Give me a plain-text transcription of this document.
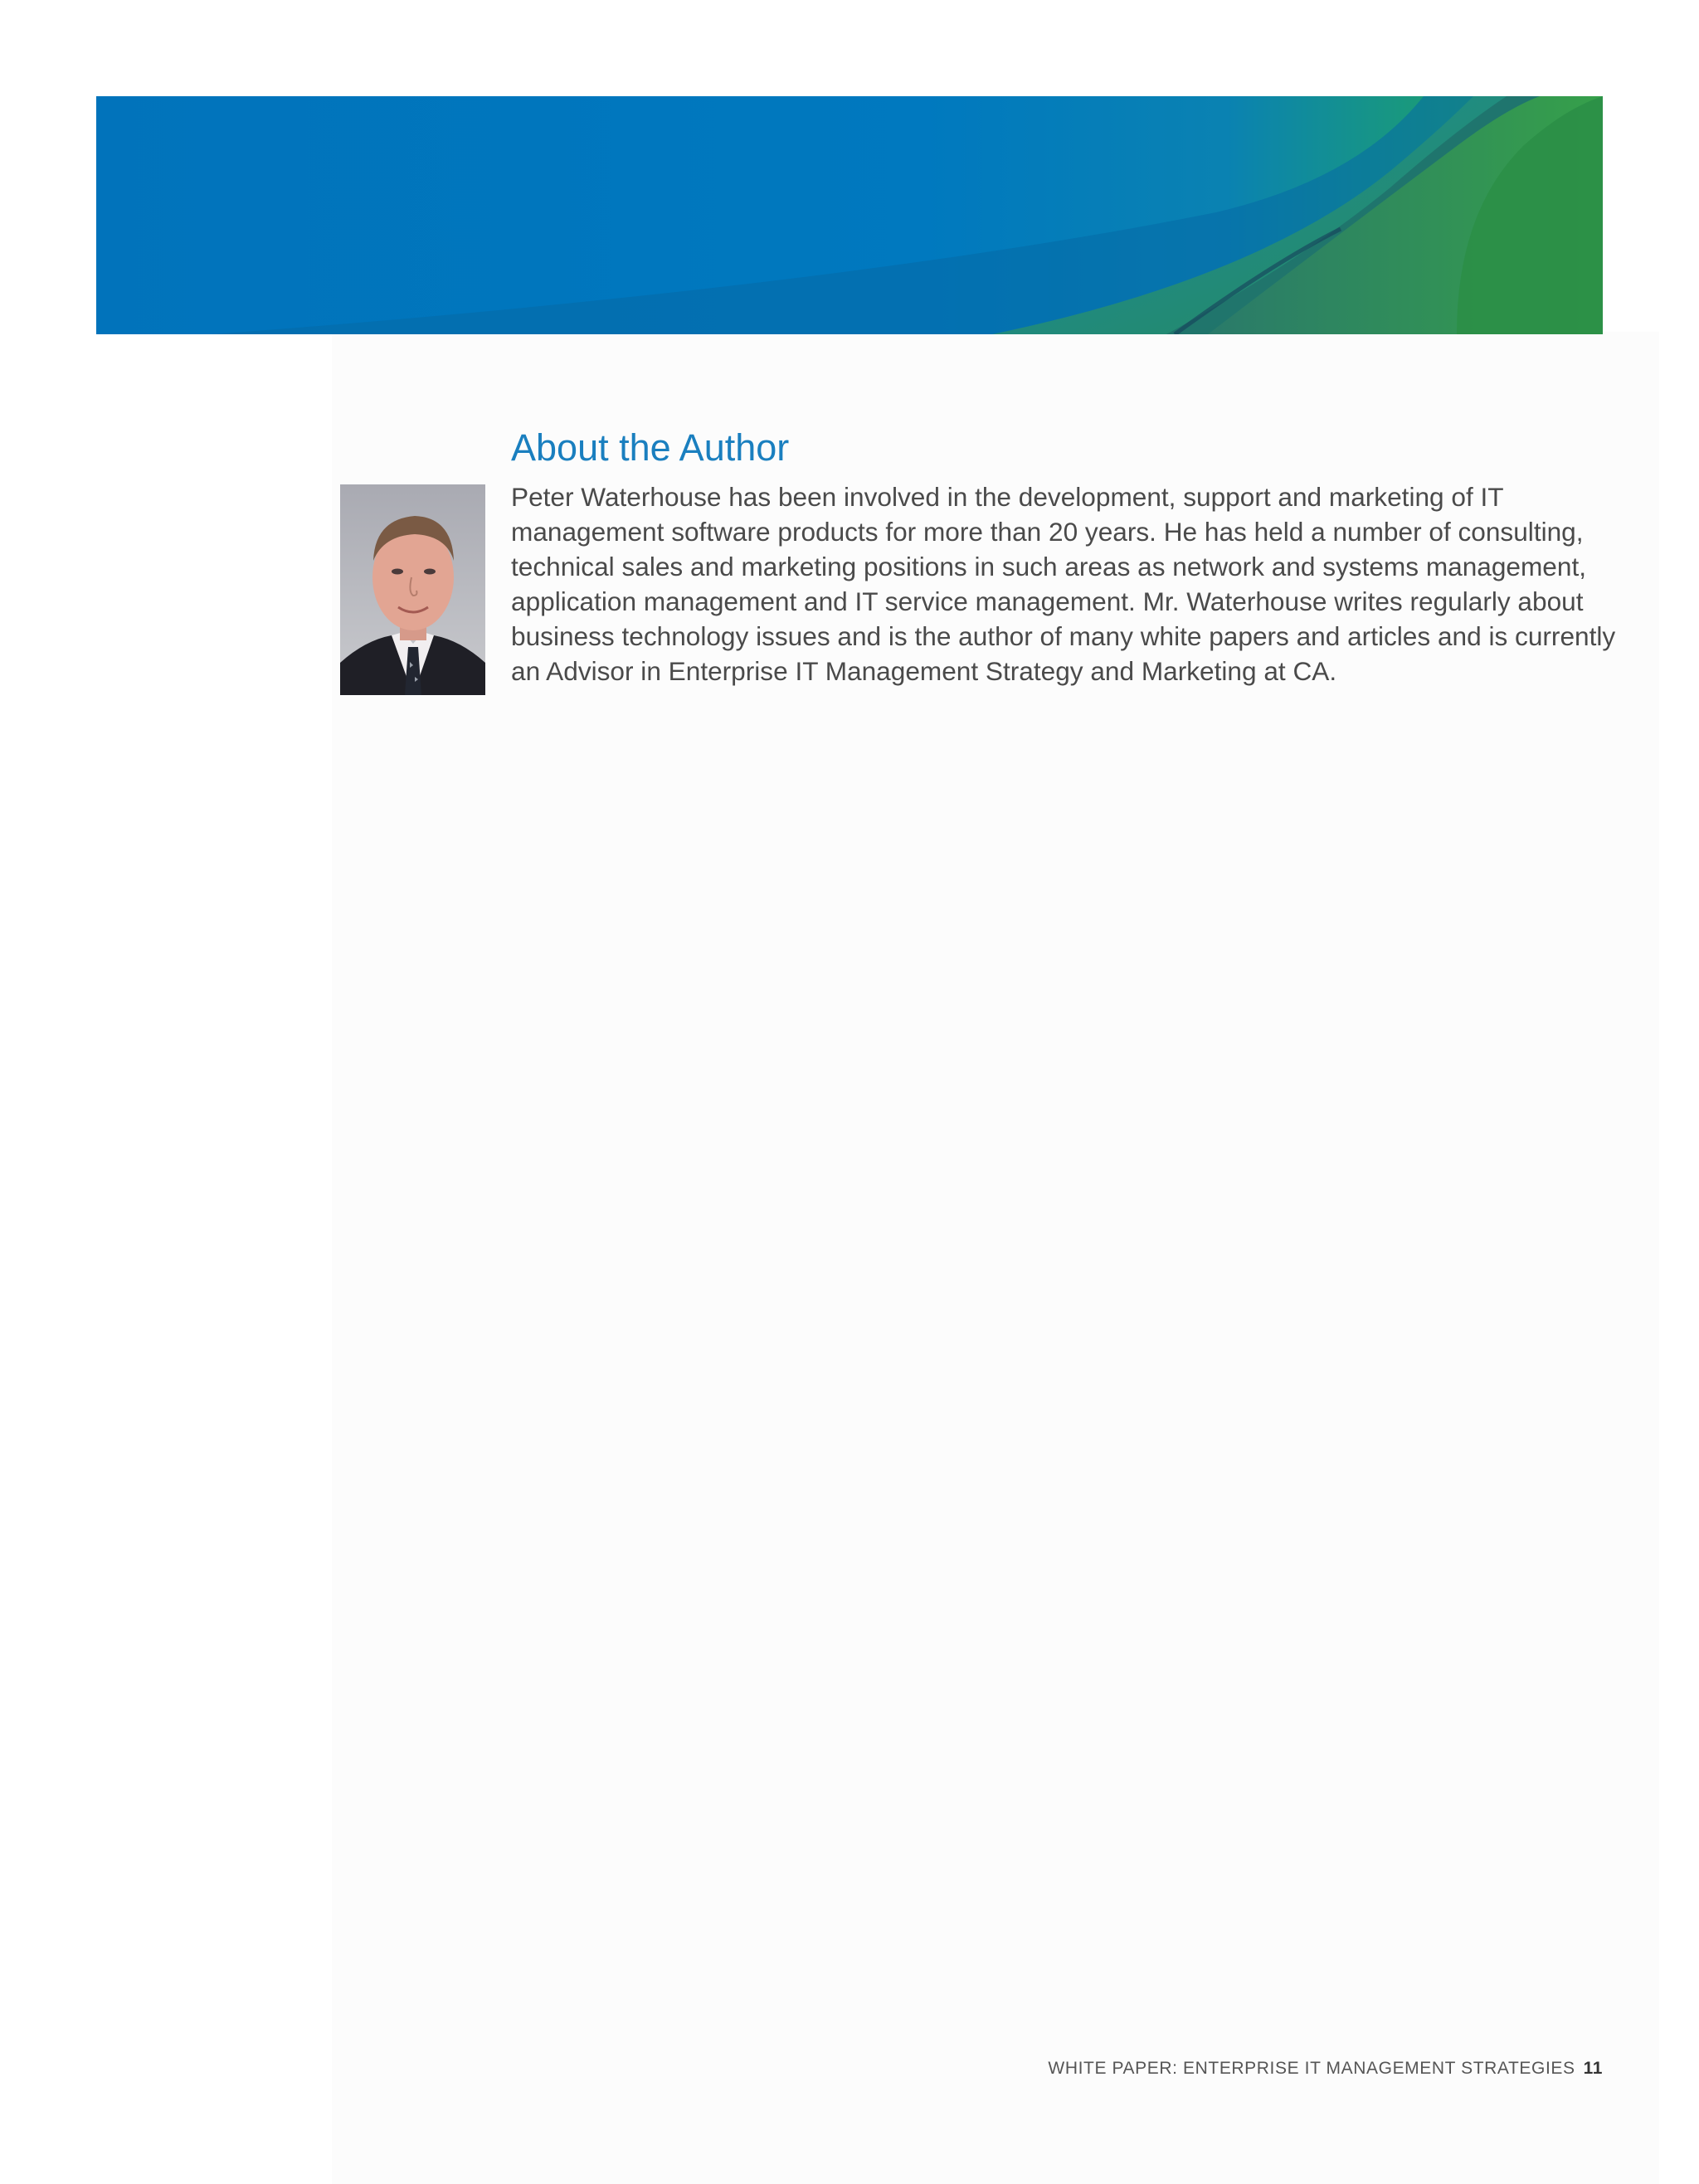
About the Author

Peter Waterhouse has been involved in the development, support and marketing of IT
management software products for more than 20 years. He has held a number of consulting,
technical sales and marketing positions in such areas as network and systems management,
application management and IT service management. Mr. Waterhouse writes regularly about
business technology issues and is the author of many white papers and articles and is currently
an Advisor in Enterprise IT Management Strategy and Marketing at CA.

WHITE PAPER: ENTERPRISE IT MANAGEMENT STRATEGIES 11
